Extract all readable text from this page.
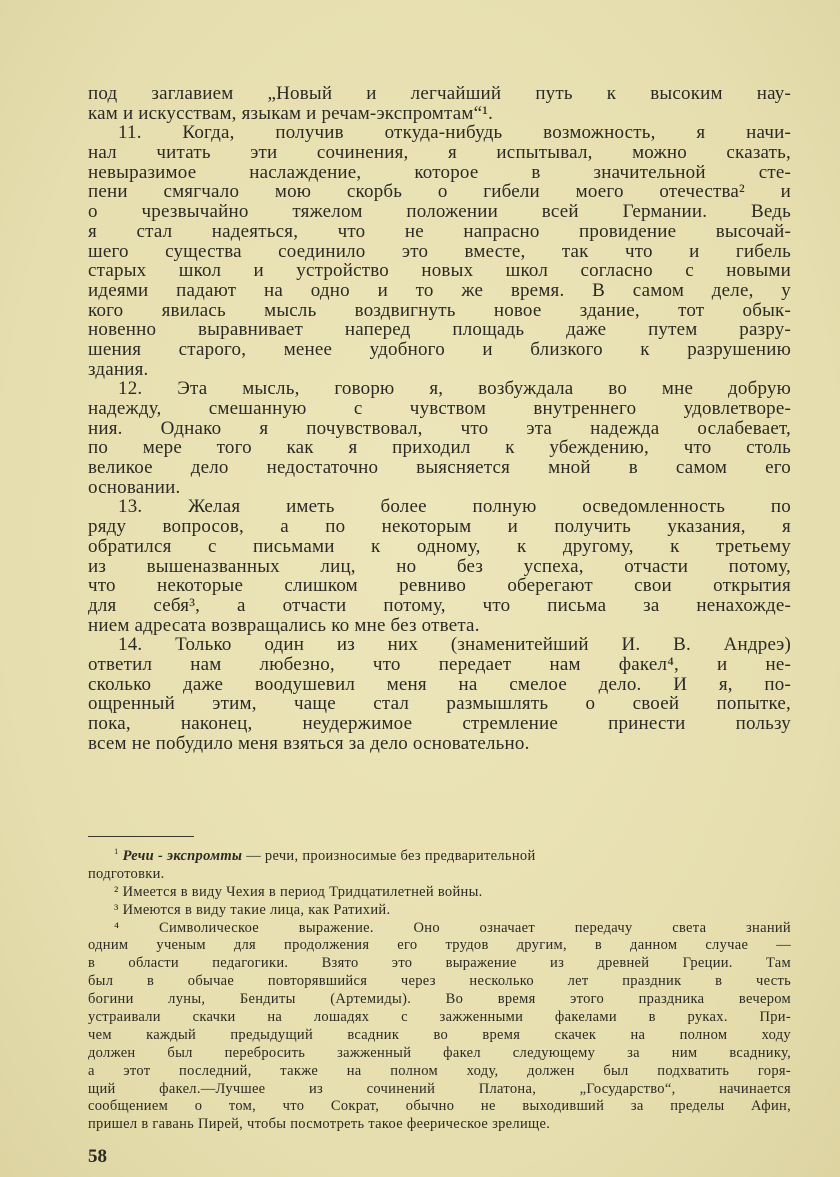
под заглавием „Новый и легчайший путь к высоким нау-
кам и искусствам, языкам и речам-экспромтам“¹.
11. Когда, получив откуда-нибудь возможность, я начи-
нал читать эти сочинения, я испытывал, можно сказать,
невыразимое наслаждение, которое в значительной сте-
пени смягчало мою скорбь о гибели моего отечества² и
о чрезвычайно тяжелом положении всей Германии. Ведь
я стал надеяться, что не напрасно провидение высочай-
шего существа соединило это вместе, так что и гибель
старых школ и устройство новых школ согласно с новыми
идеями падают на одно и то же время. В самом деле, у
кого явилась мысль воздвигнуть новое здание, тот обык-
новенно выравнивает наперед площадь даже путем разру-
шения старого, менее удобного и близкого к разрушению
здания.
12. Эта мысль, говорю я, возбуждала во мне добрую
надежду, смешанную с чувством внутреннего удовлетворе-
ния. Однако я почувствовал, что эта надежда ослабевает,
по мере того как я приходил к убеждению, что столь
великое дело недостаточно выясняется мной в самом его
основании.
13. Желая иметь более полную осведомленность по
ряду вопросов, а по некоторым и получить указания, я
обратился с письмами к одному, к другому, к третьему
из вышеназванных лиц, но без успеха, отчасти потому,
что некоторые слишком ревниво оберегают свои открытия
для себя³, а отчасти потому, что письма за ненахожде-
нием адресата возвращались ко мне без ответа.
14. Только один из них (знаменитейший И. В. Андреэ)
ответил нам любезно, что передает нам факел⁴, и не-
сколько даже воодушевил меня на смелое дело. И я, по-
ощренный этим, чаще стал размышлять о своей попытке,
пока, наконец, неудержимое стремление принести пользу
всем не побудило меня взяться за дело основательно.
$^1$ Речи - экспромты — речи, произносимые без предварительной
подготовки.
² Имеется в виду Чехия в период Тридцатилетней войны.
³ Имеются в виду такие лица, как Ратихий.
⁴ Символическое выражение. Оно означает передачу света знаний
одним ученым для продолжения его трудов другим, в данном случае —
в области педагогики. Взято это выражение из древней Греции. Там
был в обычае повторявшийся через несколько лет праздник в честь
богини луны, Бендиты (Артемиды). Во время этого праздника вечером
устраивали скачки на лошадях с зажженными факелами в руках. При-
чем каждый предыдущий всадник во время скачек на полном ходу
должен был перебросить зажженный факел следующему за ним всаднику,
а этот последний, также на полном ходу, должен был подхватить горя-
щий факел.—Лучшее из сочинений Платона, „Государство“, начинается
сообщением о том, что Сократ, обычно не выходивший за пределы Афин,
пришел в гавань Пирей, чтобы посмотреть такое феерическое зрелище.
58
